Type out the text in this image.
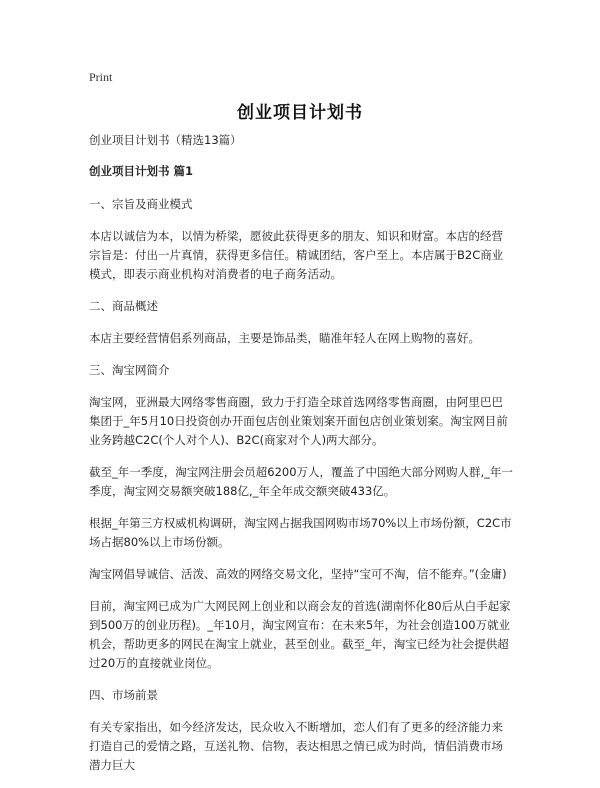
Print
创业项目计划书

创业项目计划书（精选13篇）

创业项目计划书 篇1

一、宗旨及商业模式

本店以诚信为本，以情为桥梁，愿彼此获得更多的朋友、知识和财富。本店的经营宗旨是：付出一片真情，获得更多信任。精诚团结，客户至上。本店属于B2C商业模式，即表示商业机构对消费者的电子商务活动。

二、商品概述

本店主要经营情侣系列商品，主要是饰品类，瞄准年轻人在网上购物的喜好。

三、淘宝网简介

淘宝网，亚洲最大网络零售商圈，致力于打造全球首选网络零售商圈，由阿里巴巴集团于_年5月10日投资创办开面包店创业策划案开面包店创业策划案。淘宝网目前业务跨越C2C(个人对个人)、B2C(商家对个人)两大部分。

截至_年一季度，淘宝网注册会员超6200万人，覆盖了中国绝大部分网购人群,_年一季度，淘宝网交易额突破188亿,_年全年成交额突破433亿。

根据_年第三方权威机构调研，淘宝网占据我国网购市场70%以上市场份额，C2C市场占据80%以上市场份额。

淘宝网倡导诚信、活泼、高效的网络交易文化，坚持“宝可不淘，信不能弃。”(金庸)

目前，淘宝网已成为广大网民网上创业和以商会友的首选(湖南怀化80后从白手起家到500万的创业历程)。_年10月，淘宝网宣布：在未来5年，为社会创造100万就业机会，帮助更多的网民在淘宝上就业，甚至创业。截至_年，淘宝已经为社会提供超过20万的直接就业岗位。

四、市场前景

有关专家指出，如今经济发达，民众收入不断增加，恋人们有了更多的经济能力来打造自己的爱情之路，互送礼物、信物，表达相思之情已成为时尚，情侣消费市场潜力巨大
